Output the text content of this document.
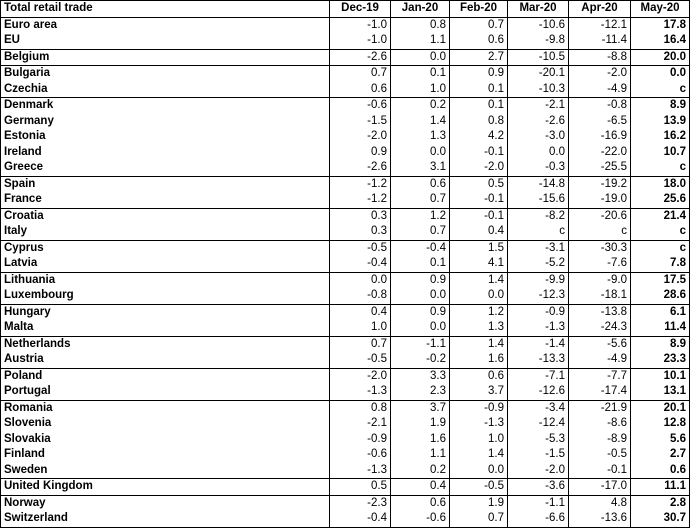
Total retail trade	Dec-19	Jan-20	Feb-20	Mar-20	Apr-20	May-20
Euro area	-1.0	0.8	0.7	-10.6	-12.1	17.8
EU	-1.0	1.1	0.6	-9.8	-11.4	16.4
Belgium	-2.6	0.0	2.7	-10.5	-8.8	20.0
Bulgaria	0.7	0.1	0.9	-20.1	-2.0	0.0
Czechia	0.6	1.0	0.1	-10.3	-4.9	c
Denmark	-0.6	0.2	0.1	-2.1	-0.8	8.9
Germany	-1.5	1.4	0.8	-2.6	-6.5	13.9
Estonia	-2.0	1.3	4.2	-3.0	-16.9	16.2
Ireland	0.9	0.0	-0.1	0.0	-22.0	10.7
Greece	-2.6	3.1	-2.0	-0.3	-25.5	c
Spain	-1.2	0.6	0.5	-14.8	-19.2	18.0
France	-1.2	0.7	-0.1	-15.6	-19.0	25.6
Croatia	0.3	1.2	-0.1	-8.2	-20.6	21.4
Italy	0.3	0.7	0.4	c	c	c
Cyprus	-0.5	-0.4	1.5	-3.1	-30.3	c
Latvia	-0.4	0.1	4.1	-5.2	-7.6	7.8
Lithuania	0.0	0.9	1.4	-9.9	-9.0	17.5
Luxembourg	-0.8	0.0	0.0	-12.3	-18.1	28.6
Hungary	0.4	0.9	1.2	-0.9	-13.8	6.1
Malta	1.0	0.0	1.3	-1.3	-24.3	11.4
Netherlands	0.7	-1.1	1.4	-1.4	-5.6	8.9
Austria	-0.5	-0.2	1.6	-13.3	-4.9	23.3
Poland	-2.0	3.3	0.6	-7.1	-7.7	10.1
Portugal	-1.3	2.3	3.7	-12.6	-17.4	13.1
Romania	0.8	3.7	-0.9	-3.4	-21.9	20.1
Slovenia	-2.1	1.9	-1.3	-12.4	-8.6	12.8
Slovakia	-0.9	1.6	1.0	-5.3	-8.9	5.6
Finland	-0.6	1.1	1.4	-1.5	-0.5	2.7
Sweden	-1.3	0.2	0.0	-2.0	-0.1	0.6
United Kingdom	0.5	0.4	-0.5	-3.6	-17.0	11.1
Norway	-2.3	0.6	1.9	-1.1	4.8	2.8
Switzerland	-0.4	-0.6	0.7	-6.6	-13.6	30.7
